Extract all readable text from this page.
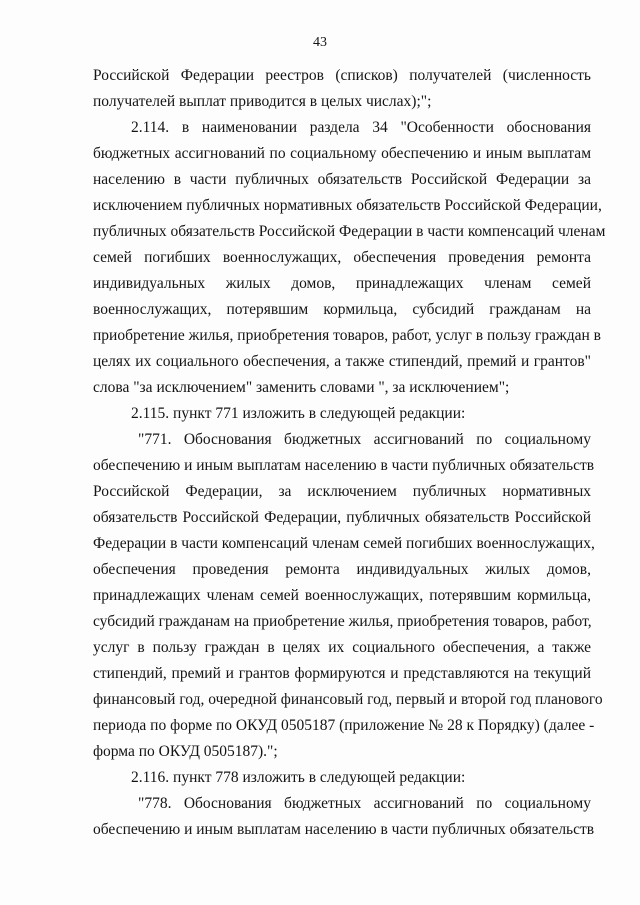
43
Российской Федерации реестров (списков) получателей (численность
получателей выплат приводится в целых числах);";
2.114. в наименовании раздела 34 "Особенности обоснования
бюджетных ассигнований по социальному обеспечению и иным выплатам
населению в части публичных обязательств Российской Федерации за
исключением публичных нормативных обязательств Российской Федерации,
публичных обязательств Российской Федерации в части компенсаций членам
семей погибших военнослужащих, обеспечения проведения ремонта
индивидуальных жилых домов, принадлежащих членам семей
военнослужащих, потерявшим кормильца, субсидий гражданам на
приобретение жилья, приобретения товаров, работ, услуг в пользу граждан в
целях их социального обеспечения, а также стипендий, премий и грантов"
слова "за исключением" заменить словами ", за исключением";
2.115. пункт 771 изложить в следующей редакции:
"771. Обоснования бюджетных ассигнований по социальному
обеспечению и иным выплатам населению в части публичных обязательств
Российской Федерации, за исключением публичных нормативных
обязательств Российской Федерации, публичных обязательств Российской
Федерации в части компенсаций членам семей погибших военнослужащих,
обеспечения проведения ремонта индивидуальных жилых домов,
принадлежащих членам семей военнослужащих, потерявшим кормильца,
субсидий гражданам на приобретение жилья, приобретения товаров, работ,
услуг в пользу граждан в целях их социального обеспечения, а также
стипендий, премий и грантов формируются и представляются на текущий
финансовый год, очередной финансовый год, первый и второй год планового
периода по форме по ОКУД 0505187 (приложение № 28 к Порядку) (далее -
форма по ОКУД 0505187).";
2.116. пункт 778 изложить в следующей редакции:
"778. Обоснования бюджетных ассигнований по социальному
обеспечению и иным выплатам населению в части публичных обязательств
